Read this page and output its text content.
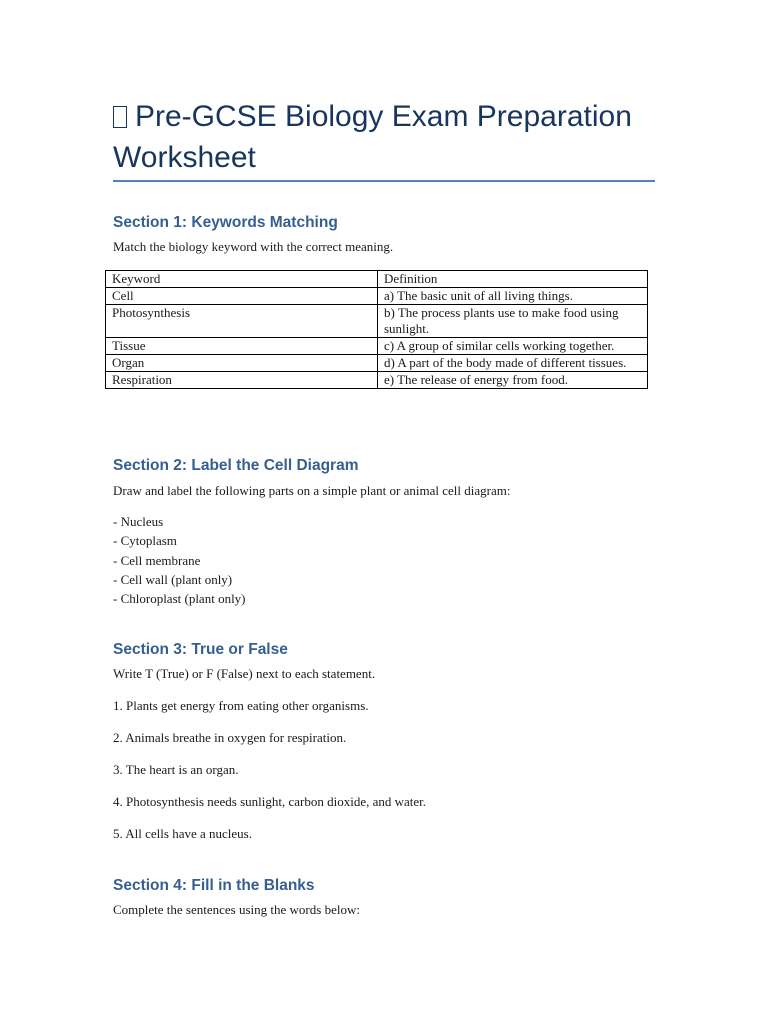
Pre-GCSE Biology Exam Preparation Worksheet
Section 1: Keywords Matching

Match the biology keyword with the correct meaning.

Keyword	Definition
Cell	a) The basic unit of all living things.
Photosynthesis	b) The process plants use to make food using sunlight.
Tissue	c) A group of similar cells working together.
Organ	d) A part of the body made of different tissues.
Respiration	e) The release of energy from food.
Section 2: Label the Cell Diagram

Draw and label the following parts on a simple plant or animal cell diagram:

- Nucleus
- Cytoplasm
- Cell membrane
- Cell wall (plant only)
- Chloroplast (plant only)
Section 3: True or False

Write T (True) or F (False) next to each statement.

1. Plants get energy from eating other organisms.

2. Animals breathe in oxygen for respiration.

3. The heart is an organ.

4. Photosynthesis needs sunlight, carbon dioxide, and water.

5. All cells have a nucleus.

Section 4: Fill in the Blanks

Complete the sentences using the words below:
